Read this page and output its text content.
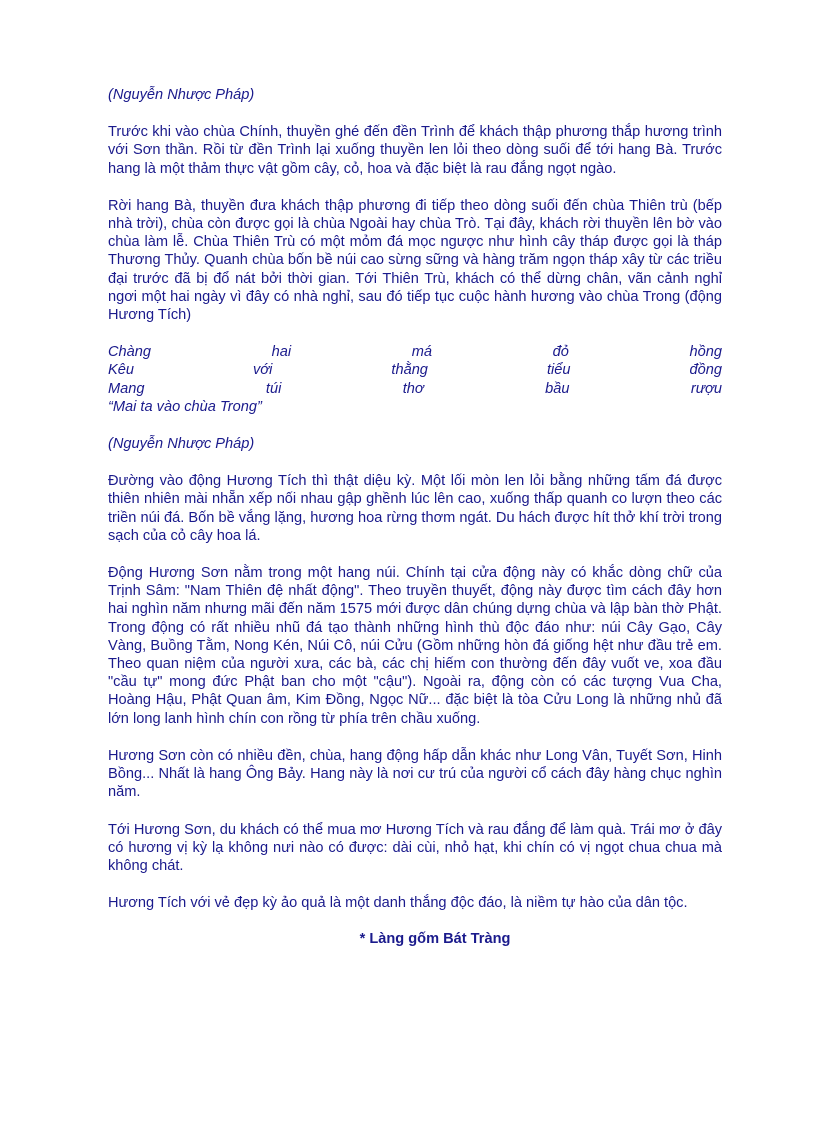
(Nguyễn Nhược Pháp)

Trước khi vào chùa Chính, thuyền ghé đến đền Trình để khách thập phương thắp hương trình với Sơn thần. Rồi từ đền Trình lại xuống thuyền len lỏi theo dòng suối để tới hang Bà. Trước hang là một thảm thực vật gồm cây, cỏ, hoa và đặc biệt là rau đắng ngọt ngào.

Rời hang Bà, thuyền đưa khách thập phương đi tiếp theo dòng suối đến chùa Thiên trù (bếp nhà trời), chùa còn được gọi là chùa Ngoài hay chùa Trò. Tại đây, khách rời thuyền lên bờ vào chùa làm lễ. Chùa Thiên Trù có một mỏm đá mọc ngược như hình cây tháp được gọi là tháp Thương Thủy. Quanh chùa bốn bề núi cao sừng sững và hàng trăm ngọn tháp xây từ các triều đại trước đã bị đổ nát bởi thời gian. Tới Thiên Trù, khách có thể dừng chân, vãn cảnh nghỉ ngơi một hai ngày vì đây có nhà nghỉ, sau đó tiếp tục cuộc hành hương vào chùa Trong (động Hương Tích)

Chàng	hai	má	đỏ	hồng
Kêu	với	thằng	tiểu	đồng
Mang	túi	thơ	bầu	rượu
“Mai ta vào chùa Trong”

(Nguyễn Nhược Pháp)

Đường vào động Hương Tích thì thật diệu kỳ. Một lối mòn len lỏi bằng những tấm đá được thiên nhiên mài nhẵn xếp nối nhau gập ghềnh lúc lên cao, xuống thấp quanh co lượn theo các triền núi đá. Bốn bề vắng lặng, hương hoa rừng thơm ngát. Du hách được hít thở khí trời trong sạch của cỏ cây hoa lá.

Động Hương Sơn nằm trong một hang núi. Chính tại cửa động này có khắc dòng chữ của Trịnh Sâm: "Nam Thiên đệ nhất động". Theo truyền thuyết, động này được tìm cách đây hơn hai nghìn năm nhưng mãi đến năm 1575 mới được dân chúng dựng chùa và lập bàn thờ Phật. Trong động có rất nhiều nhũ đá tạo thành những hình thù độc đáo như: núi Cây Gạo, Cây Vàng, Buồng Tằm, Nong Kén, Núi Cô, núi Cửu (Gồm những hòn đá giống hệt như đầu trẻ em. Theo quan niệm của người xưa, các bà, các chị hiếm con thường đến đây vuốt ve, xoa đầu "cầu tự" mong đức Phật ban cho một "cậu"). Ngoài ra, động còn có các tượng Vua Cha, Hoàng Hậu, Phật Quan âm, Kim Đồng, Ngọc Nữ... đặc biệt là tòa Cửu Long là những nhủ đã lớn long lanh hình chín con rồng từ phía trên chầu xuống.

Hương Sơn còn có nhiều đền, chùa, hang động hấp dẫn khác như Long Vân, Tuyết Sơn, Hinh Bồng... Nhất là hang Ông Bảy. Hang này là nơi cư trú của người cổ cách đây hàng chục nghìn năm.

Tới Hương Sơn, du khách có thể mua mơ Hương Tích và rau đắng để làm quà. Trái mơ ở đây có hương vị kỳ lạ không nưi nào có được: dài cùi, nhỏ hạt, khi chín có vị ngọt chua chua mà không chát.

Hương Tích với vẻ đẹp kỳ ảo quả là một danh thắng độc đáo, là niềm tự hào của dân tộc.

* Làng gốm Bát Tràng
